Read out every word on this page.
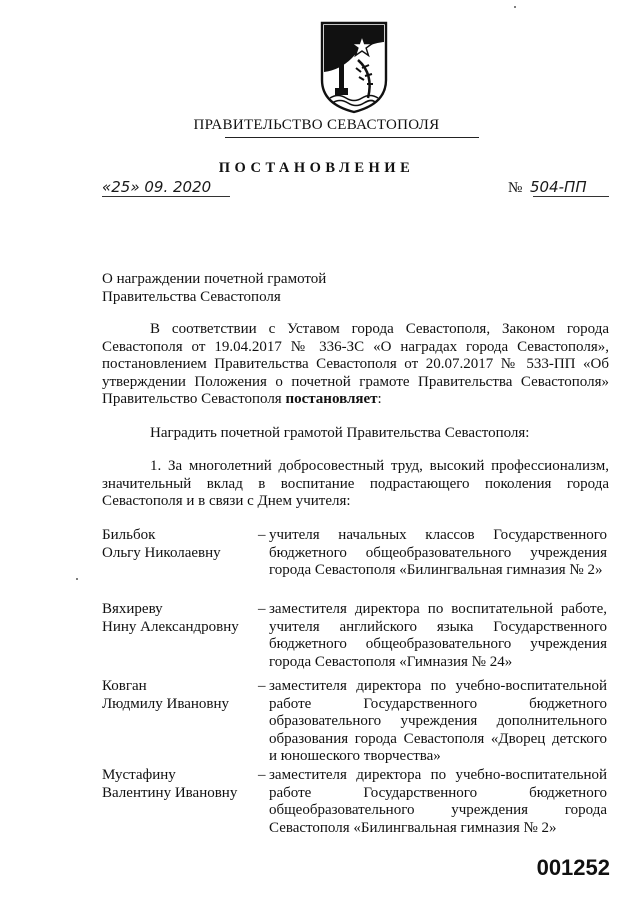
ПРАВИТЕЛЬСТВО СЕВАСТОПОЛЯ
ПОСТАНОВЛЕНИЕ
«25» 09. 2020	№ 504-ПП
О награждении почетной грамотой
Правительства Севастополя
В соответствии с Уставом города Севастополя, Законом города Севастополя от 19.04.2017 № 336-ЗС «О наградах города Севастополя», постановлением Правительства Севастополя от 20.07.2017 № 533-ПП «Об утверждении Положения о почетной грамоте Правительства Севастополя» Правительство Севастополя постановляет:
Наградить почетной грамотой Правительства Севастополя:
1. За многолетний добросовестный труд, высокий профессионализм, значительный вклад в воспитание подрастающего поколения города Севастополя и в связи с Днем учителя:
Бильбок
Ольгу Николаевну
– учителя начальных классов Государственного бюджетного общеобразовательного учреждения города Севастополя «Билингвальная гимназия № 2»
Вяхиреву
Нину Александровну
– заместителя директора по воспитательной работе, учителя английского языка Государственного бюджетного общеобразовательного учреждения города Севастополя «Гимназия № 24»
Ковган
Людмилу Ивановну
– заместителя директора по учебно-воспитательной работе Государственного бюджетного образовательного учреждения дополнительного образования города Севастополя «Дворец детского и юношеского творчества»
Мустафину
Валентину Ивановну
– заместителя директора по учебно-воспитательной работе Государственного бюджетного общеобразовательного учреждения города Севастополя «Билингвальная гимназия № 2»
001252
